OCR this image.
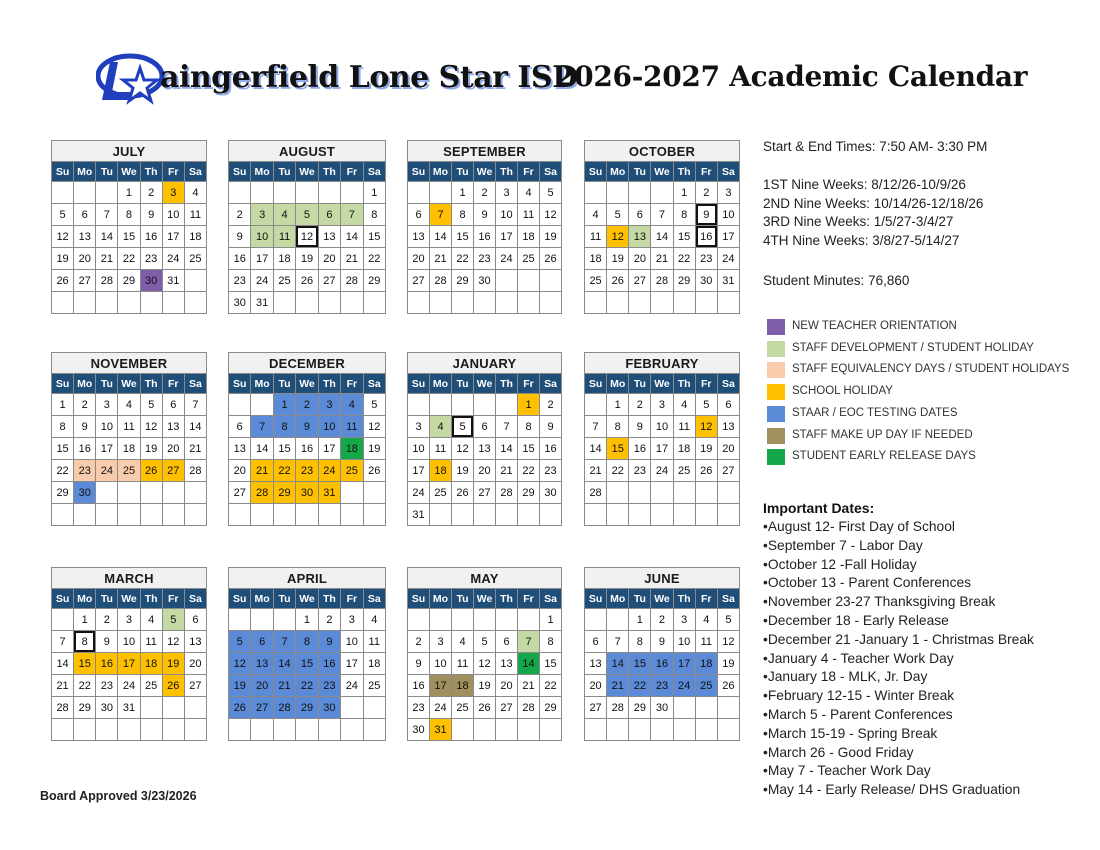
aingerfield Lone Star ISD
2026-2027 Academic Calendar
JULY						
Su	Mo	Tu	We	Th	Fr	Sa
			1	2	3	4
5	6	7	8	9	10	11
12	13	14	15	16	17	18
19	20	21	22	23	24	25
26	27	28	29	30	31	

AUGUST						
Su	Mo	Tu	We	Th	Fr	Sa
						1
2	3	4	5	6	7	8
9	10	11	12	13	14	15
16	17	18	19	20	21	22
23	24	25	26	27	28	29
30	31					
SEPTEMBER						
Su	Mo	Tu	We	Th	Fr	Sa
		1	2	3	4	5
6	7	8	9	10	11	12
13	14	15	16	17	18	19
20	21	22	23	24	25	26
27	28	29	30			

OCTOBER						
Su	Mo	Tu	We	Th	Fr	Sa
				1	2	3
4	5	6	7	8	9	10
11	12	13	14	15	16	17
18	19	20	21	22	23	24
25	26	27	28	29	30	31

NOVEMBER						
Su	Mo	Tu	We	Th	Fr	Sa
1	2	3	4	5	6	7
8	9	10	11	12	13	14
15	16	17	18	19	20	21
22	23	24	25	26	27	28
29	30					

DECEMBER						
Su	Mo	Tu	We	Th	Fr	Sa
		1	2	3	4	5
6	7	8	9	10	11	12
13	14	15	16	17	18	19
20	21	22	23	24	25	26
27	28	29	30	31		

JANUARY						
Su	Mo	Tu	We	Th	Fr	Sa
					1	2
3	4	5	6	7	8	9
10	11	12	13	14	15	16
17	18	19	20	21	22	23
24	25	26	27	28	29	30
31						
FEBRUARY						
Su	Mo	Tu	We	Th	Fr	Sa
	1	2	3	4	5	6
7	8	9	10	11	12	13
14	15	16	17	18	19	20
21	22	23	24	25	26	27
28						

MARCH						
Su	Mo	Tu	We	Th	Fr	Sa
	1	2	3	4	5	6
7	8	9	10	11	12	13
14	15	16	17	18	19	20
21	22	23	24	25	26	27
28	29	30	31			

APRIL						
Su	Mo	Tu	We	Th	Fr	Sa
			1	2	3	4
5	6	7	8	9	10	11
12	13	14	15	16	17	18
19	20	21	22	23	24	25
26	27	28	29	30		

MAY						
Su	Mo	Tu	We	Th	Fr	Sa
						1
2	3	4	5	6	7	8
9	10	11	12	13	14	15
16	17	18	19	20	21	22
23	24	25	26	27	28	29
30	31					
JUNE						
Su	Mo	Tu	We	Th	Fr	Sa
		1	2	3	4	5
6	7	8	9	10	11	12
13	14	15	16	17	18	19
20	21	22	23	24	25	26
27	28	29	30			

Start & End Times: 7:50 AM- 3:30 PM
1ST Nine Weeks: 8/12/26-10/9/26
2ND Nine Weeks: 10/14/26-12/18/26
3RD Nine Weeks: 1/5/27-3/4/27
4TH Nine Weeks: 3/8/27-5/14/27
Student Minutes: 76,860
NEW TEACHER ORIENTATION
STAFF DEVELOPMENT / STUDENT HOLIDAY
STAFF EQUIVALENCY DAYS / STUDENT HOLIDAYS
SCHOOL HOLIDAY
STAAR / EOC TESTING DATES
STAFF MAKE UP DAY IF NEEDED
STUDENT EARLY RELEASE DAYS
Important Dates:
• August 12- First Day of School
• September 7 - Labor Day
• October 12 -Fall Holiday
• October 13 - Parent Conferences
• November 23-27 Thanksgiving Break
• December 18 - Early Release
• December 21 -January 1 - Christmas Break
• January 4 - Teacher Work Day
• January 18 - MLK, Jr. Day
• February 12-15 - Winter Break
• March 5 - Parent Conferences
• March 15-19 - Spring Break
• March 26 - Good Friday
• May 7 - Teacher Work Day
• May 14 - Early Release/ DHS Graduation
Board Approved 3/23/2026
